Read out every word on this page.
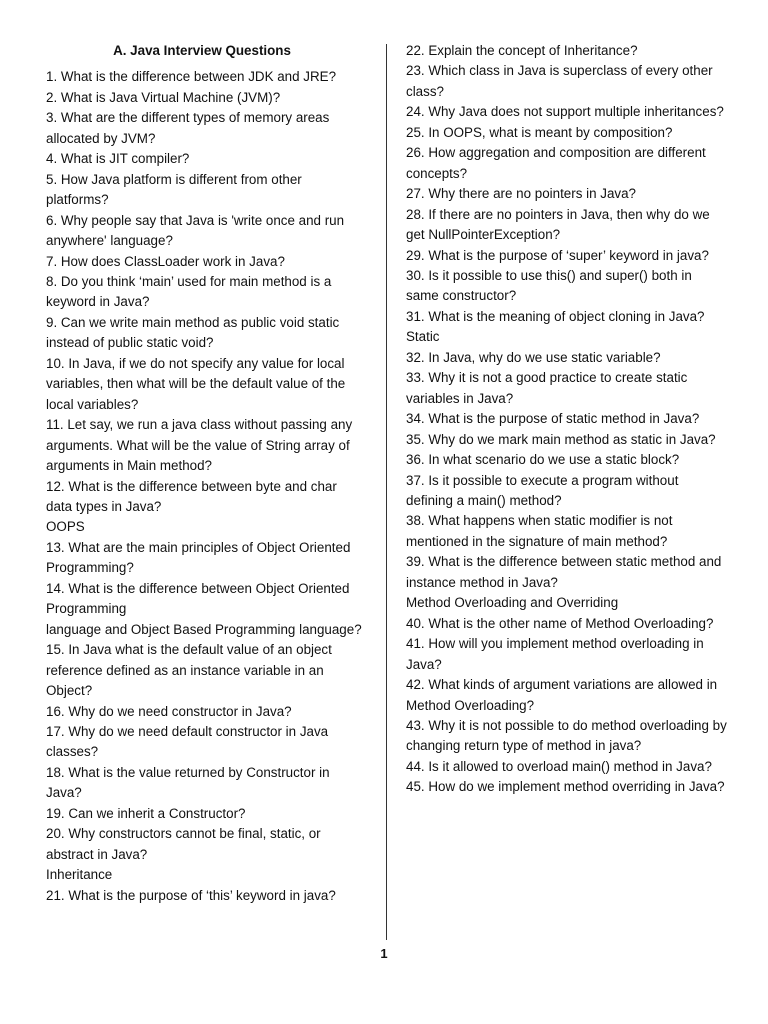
A. Java Interview Questions
1. What is the difference between JDK and JRE?
2. What is Java Virtual Machine (JVM)?
3. What are the different types of memory areas allocated by JVM?
4. What is JIT compiler?
5. How Java platform is different from other platforms?
6. Why people say that Java is 'write once and run anywhere' language?
7. How does ClassLoader work in Java?
8. Do you think ‘main’ used for main method is a keyword in Java?
9. Can we write main method as public void static instead of public static void?
10. In Java, if we do not specify any value for local variables, then what will be the default value of the local variables?
11. Let say, we run a java class without passing any arguments. What will be the value of String array of arguments in Main method?
12. What is the difference between byte and char data types in Java?
OOPS
13. What are the main principles of Object Oriented Programming?
14. What is the difference between Object Oriented Programming
language and Object Based Programming language?
15. In Java what is the default value of an object reference defined as an instance variable in an Object?
16. Why do we need constructor in Java?
17. Why do we need default constructor in Java classes?
18. What is the value returned by Constructor in Java?
19. Can we inherit a Constructor?
20. Why constructors cannot be final, static, or abstract in Java?
Inheritance
21. What is the purpose of ‘this’ keyword in java?
22. Explain the concept of Inheritance?
23. Which class in Java is superclass of every other class?
24. Why Java does not support multiple inheritances?
25. In OOPS, what is meant by composition?
26. How aggregation and composition are different concepts?
27. Why there are no pointers in Java?
28. If there are no pointers in Java, then why do we get NullPointerException?
29. What is the purpose of ‘super’ keyword in java?
30. Is it possible to use this() and super() both in same constructor?
31. What is the meaning of object cloning in Java?
Static
32. In Java, why do we use static variable?
33. Why it is not a good practice to create static variables in Java?
34. What is the purpose of static method in Java?
35. Why do we mark main method as static in Java?
36. In what scenario do we use a static block?
37. Is it possible to execute a program without defining a main() method?
38. What happens when static modifier is not mentioned in the signature of main method?
39. What is the difference between static method and instance method in Java?
Method Overloading and Overriding
40. What is the other name of Method Overloading?
41. How will you implement method overloading in Java?
42. What kinds of argument variations are allowed in Method Overloading?
43. Why it is not possible to do method overloading by changing return type of method in java?
44. Is it allowed to overload main() method in Java?
45. How do we implement method overriding in Java?
1
